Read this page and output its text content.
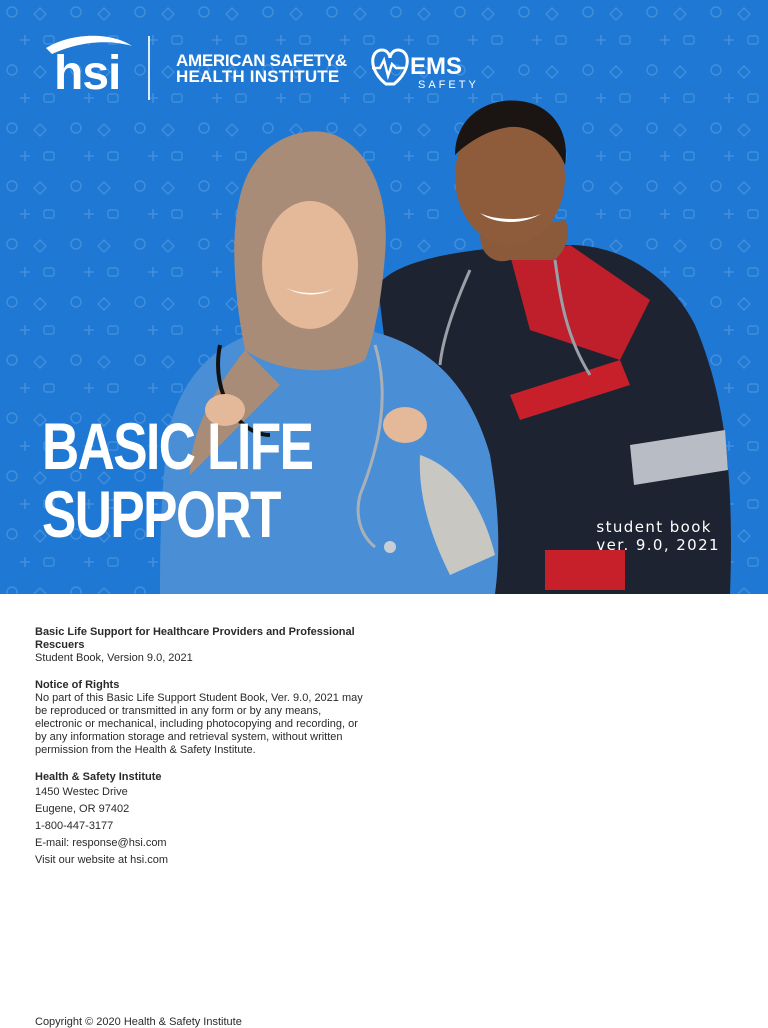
hsi	AMERICAN SAFETY&
HEALTH INSTITUTE	EMS
SAFETY
BASIC LIFE
SUPPORT	student book
ver. 9.0, 2021
Basic Life Support for Healthcare Providers and Professional Rescuers
Student Book, Version 9.0, 2021
Notice of Rights
No part of this Basic Life Support Student Book, Ver. 9.0, 2021 may be reproduced or transmitted in any form or by any means, electronic or mechanical, including photocopying and recording, or by any information storage and retrieval system, without written permission from the Health & Safety Institute.
Health & Safety Institute
1450 Westec Drive
Eugene, OR 97402
1-800-447-3177
E-mail: response@hsi.com
Visit our website at hsi.com
Copyright © 2020 Health & Safety Institute
